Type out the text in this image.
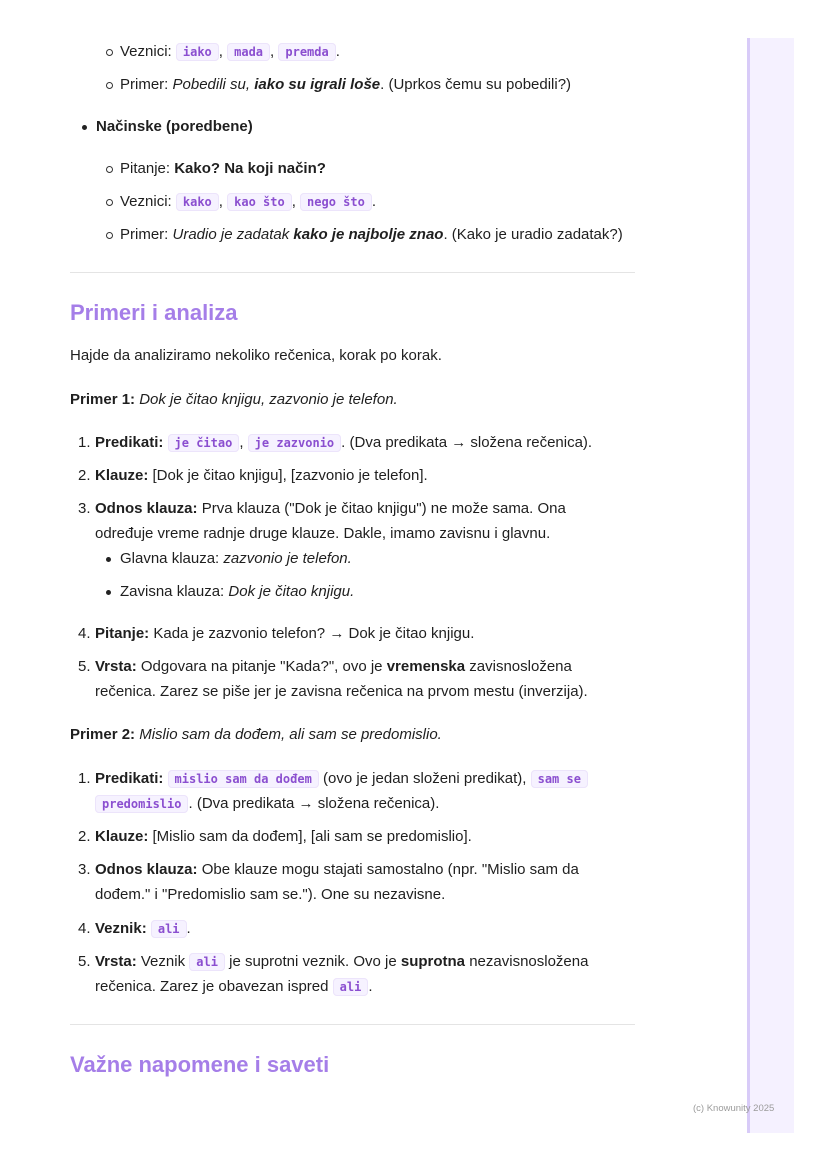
(c) Knowunity 2025
Veznici: iako , mada , premda .
Primer: Pobedili su, iako su igrali loše. (Uprkos čemu su pobedili?)
Načinske (poredbene)
Pitanje: Kako? Na koji način?
Veznici: kako , kao što , nego što .
Primer: Uradio je zadatak kako je najbolje znao. (Kako je uradio zadatak?)
Primeri i analiza
Hajde da analiziramo nekoliko rečenica, korak po korak.
Primer 1: Dok je čitao knjigu, zazvonio je telefon.
1. Predikati: je čitao , je zazvonio . (Dva predikata → složena rečenica).
2. Klauze: [Dok je čitao knjigu], [zazvonio je telefon].
3. Odnos klauza: Prva klauza ("Dok je čitao knjigu") ne može sama. Ona
određuje vreme radnje druge klauze. Dakle, imamo zavisnu i glavnu.
Glavna klauza: zazvonio je telefon.
Zavisna klauza: Dok je čitao knjigu.
4. Pitanje: Kada je zazvonio telefon? → Dok je čitao knjigu.
5. Vrsta: Odgovara na pitanje "Kada?", ovo je vremenska zavisnosložena
rečenica. Zarez se piše jer je zavisna rečenica na prvom mestu (inverzija).
Primer 2: Mislio sam da dođem, ali sam se predomislio.
1. Predikati: mislio sam da dođem (ovo je jedan složeni predikat), sam se
predomislio . (Dva predikata → složena rečenica).
2. Klauze: [Mislio sam da dođem], [ali sam se predomislio].
3. Odnos klauza: Obe klauze mogu stajati samostalno (npr. "Mislio sam da
dođem." i "Predomislio sam se."). One su nezavisne.
4. Veznik: ali .
5. Vrsta: Veznik ali je suprotni veznik. Ovo je suprotna nezavisnosložena
rečenica. Zarez je obavezan ispred ali .
Važne napomene i saveti
